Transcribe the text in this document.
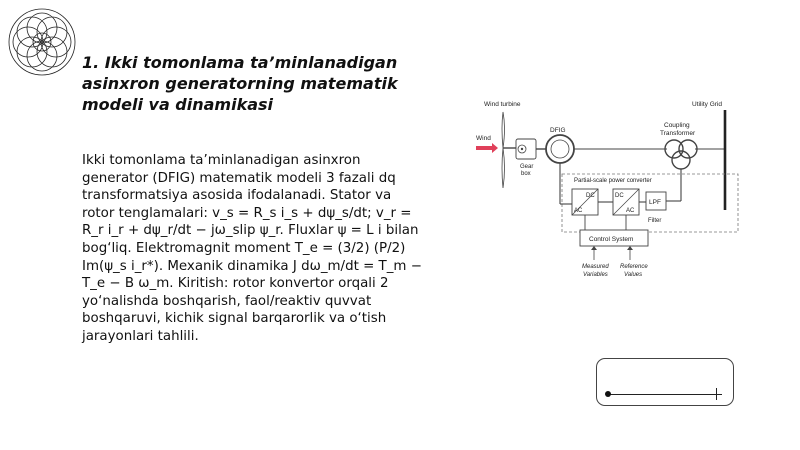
1. Ikki tomonlama ta’minlanadigan asinxron generatorning matematik modeli va dinamikasi

Ikki tomonlama ta’minlanadigan asinxron generator (DFIG) matematik modeli 3 fazali dq transformatsiya asosida ifodalanadi. Stator va rotor tenglamalari: v_s = R_s i_s + dψ_s/dt; v_r = R_r i_r + dψ_r/dt − jω_slip ψ_r. Fluxlar ψ = L i bilan bog‘liq. Elektromagnit moment T_e = (3/2) (P/2) Im(ψ_s i_r*). Mexanik dinamika J dω_m/dt = T_m − T_e − B ω_m. Kiritish: rotor konvertor orqali 2 yo‘nalishda boshqarish, faol/reaktiv quvvat boshqaruvi, kichik signal barqarorlik va o‘tish jarayonlari tahlili.

Wind turbine	Utility Grid
Wind
DFIG
Coupling
Transformer
Gear
box
Partial-scale power converter
DC
AC
DC
AC
LPF
Filter
Control System
Measured
Variables
Reference
Values
